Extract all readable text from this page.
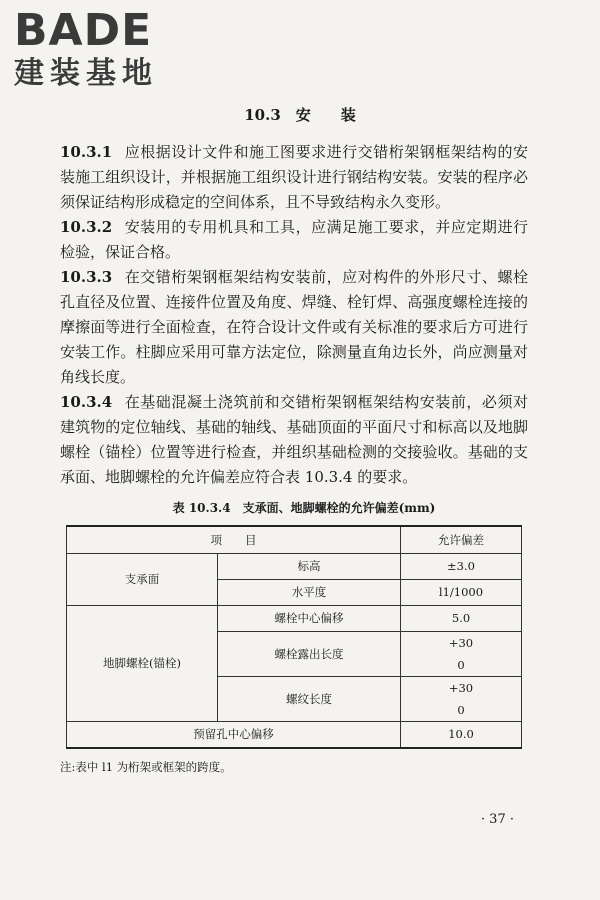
BADE
建装基地
10.3　安　　装

10.3.1 应根据设计文件和施工图要求进行交错桁架钢框架结构的安装施工组织设计，并根据施工组织设计进行钢结构安装。安装的程序必须保证结构形成稳定的空间体系，且不导致结构永久变形。

10.3.2 安装用的专用机具和工具，应满足施工要求，并应定期进行检验，保证合格。

10.3.3 在交错桁架钢框架结构安装前，应对构件的外形尺寸、螺栓孔直径及位置、连接件位置及角度、焊缝、栓钉焊、高强度螺栓连接的摩擦面等进行全面检查，在符合设计文件或有关标准的要求后方可进行安装工作。柱脚应采用可靠方法定位，除测量直角边长外，尚应测量对角线长度。

10.3.4 在基础混凝土浇筑前和交错桁架钢框架结构安装前，必须对建筑物的定位轴线、基础的轴线、基础顶面的平面尺寸和标高以及地脚螺栓（锚栓）位置等进行检查，并组织基础检测的交接验收。基础的支承面、地脚螺栓的允许偏差应符合表 10.3.4 的要求。

表 10.3.4　支承面、地脚螺栓的允许偏差(mm)
项　　目		允许偏差
支承面	标高	±3.0
	水平度	l1/1000
地脚螺栓(锚栓)	螺栓中心偏移	5.0
	螺栓露出长度	+30
0

	螺纹长度	+30
0

预留孔中心偏移		10.0
注:表中 l1 为桁架或框架的跨度。
· 37 ·
